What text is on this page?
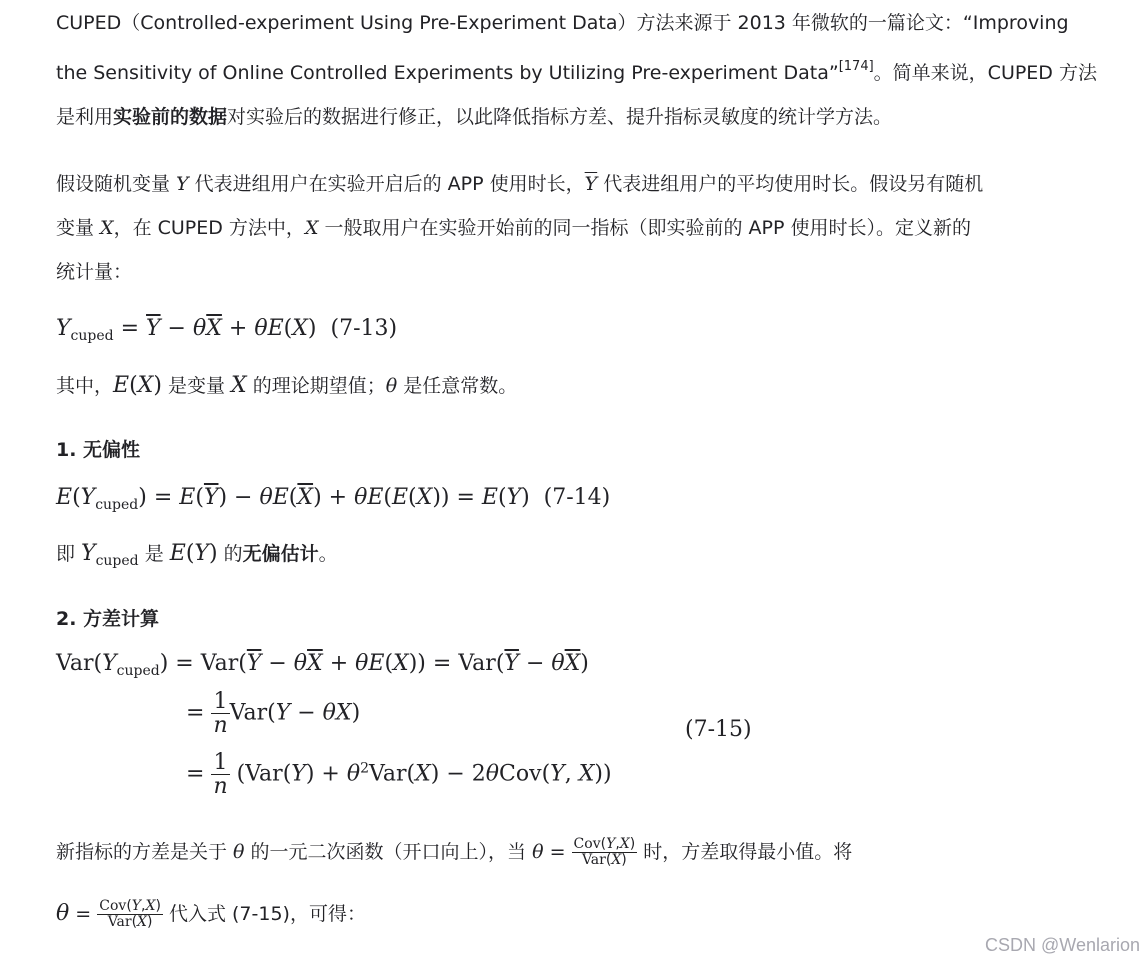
CUPED（Controlled-experiment Using Pre-Experiment Data）方法来源于 2013 年微软的一篇论文：“Improving
the Sensitivity of Online Controlled Experiments by Utilizing Pre-experiment Data”[174]。简单来说，CUPED 方法
是利用实验前的数据对实验后的数据进行修正，以此降低指标方差、提升指标灵敏度的统计学方法。
假设随机变量 Y 代表进组用户在实验开启后的 APP 使用时长，$\overline{Y}$ 代表进组用户的平均使用时长。假设另有随机
变量 X，在 CUPED 方法中，X 一般取用户在实验开始前的同一指标（即实验前的 APP 使用时长）。定义新的
统计量：
$Y_{cuped} = \overline{Y} - \theta\overline{X} + \theta E(X)$  (7-13)
其中，E(X) 是变量 X 的理论期望值；θ 是任意常数。
1. 无偏性
$E(Y_{cuped}) = E(\overline{Y}) - \theta E(\overline{X}) + \theta E(E(X)) = E(Y)$  (7-14)
即 $Y_{cuped}$ 是 E(Y) 的无偏估计。
2. 方差计算
$Var(Y_{cuped}) = Var(\overline{Y} - \theta\overline{X} + \theta E(X)) = Var(\overline{Y} - \theta\overline{X})$
= $\frac{1}{n} Var(Y - \theta X)$
(7-15)
= $\frac{1}{n} (Var(Y) + \theta^2Var(X) - 2\theta Cov(Y$, X))
新指标的方差是关于 θ 的一元二次函数（开口向上），当 $\theta = \frac{\text{Cov(Y,X)}}{\text{Var(X)}}$ 时，方差取得最小值。将
$\theta = \frac{\text{Cov(Y,X)}}{\text{Var(X)}}$ 代入式 (7-15)，可得：
CSDN @Wenlarion
